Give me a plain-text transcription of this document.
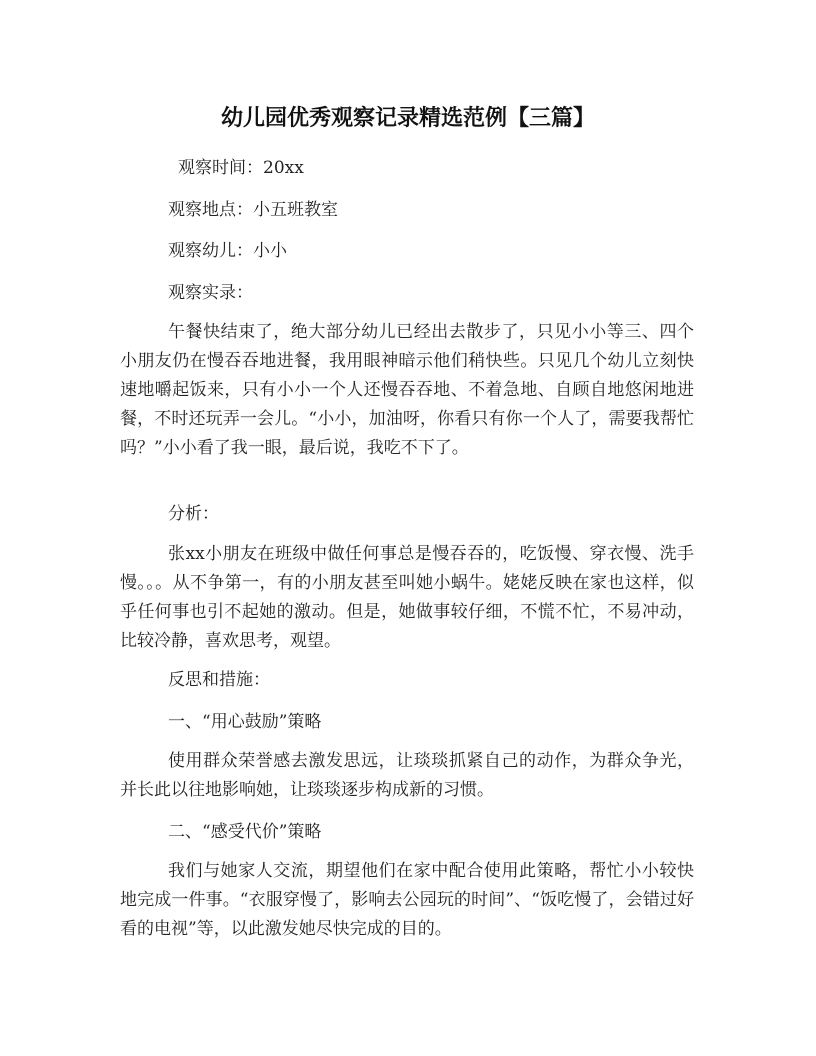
幼儿园优秀观察记录精选范例【三篇】
观察时间：20xx
观察地点：小五班教室
观察幼儿：小小
观察实录：
午餐快结束了，绝大部分幼儿已经出去散步了，只见小小等三、四个小朋友仍在慢吞吞地进餐，我用眼神暗示他们稍快些。只见几个幼儿立刻快速地嚼起饭来，只有小小一个人还慢吞吞地、不着急地、自顾自地悠闲地进餐，不时还玩弄一会儿。“小小，加油呀，你看只有你一个人了，需要我帮忙吗？”小小看了我一眼，最后说，我吃不下了。
分析：
张xx小朋友在班级中做任何事总是慢吞吞的，吃饭慢、穿衣慢、洗手慢。。。从不争第一，有的小朋友甚至叫她小蜗牛。姥姥反映在家也这样，似乎任何事也引不起她的激动。但是，她做事较仔细，不慌不忙，不易冲动，比较冷静，喜欢思考，观望。
反思和措施：
一、“用心鼓励”策略
使用群众荣誉感去激发思远，让琰琰抓紧自己的动作，为群众争光，并长此以往地影响她，让琰琰逐步构成新的习惯。
二、“感受代价”策略
我们与她家人交流，期望他们在家中配合使用此策略，帮忙小小较快地完成一件事。“衣服穿慢了，影响去公园玩的时间”、“饭吃慢了，会错过好看的电视”等，以此激发她尽快完成的目的。
